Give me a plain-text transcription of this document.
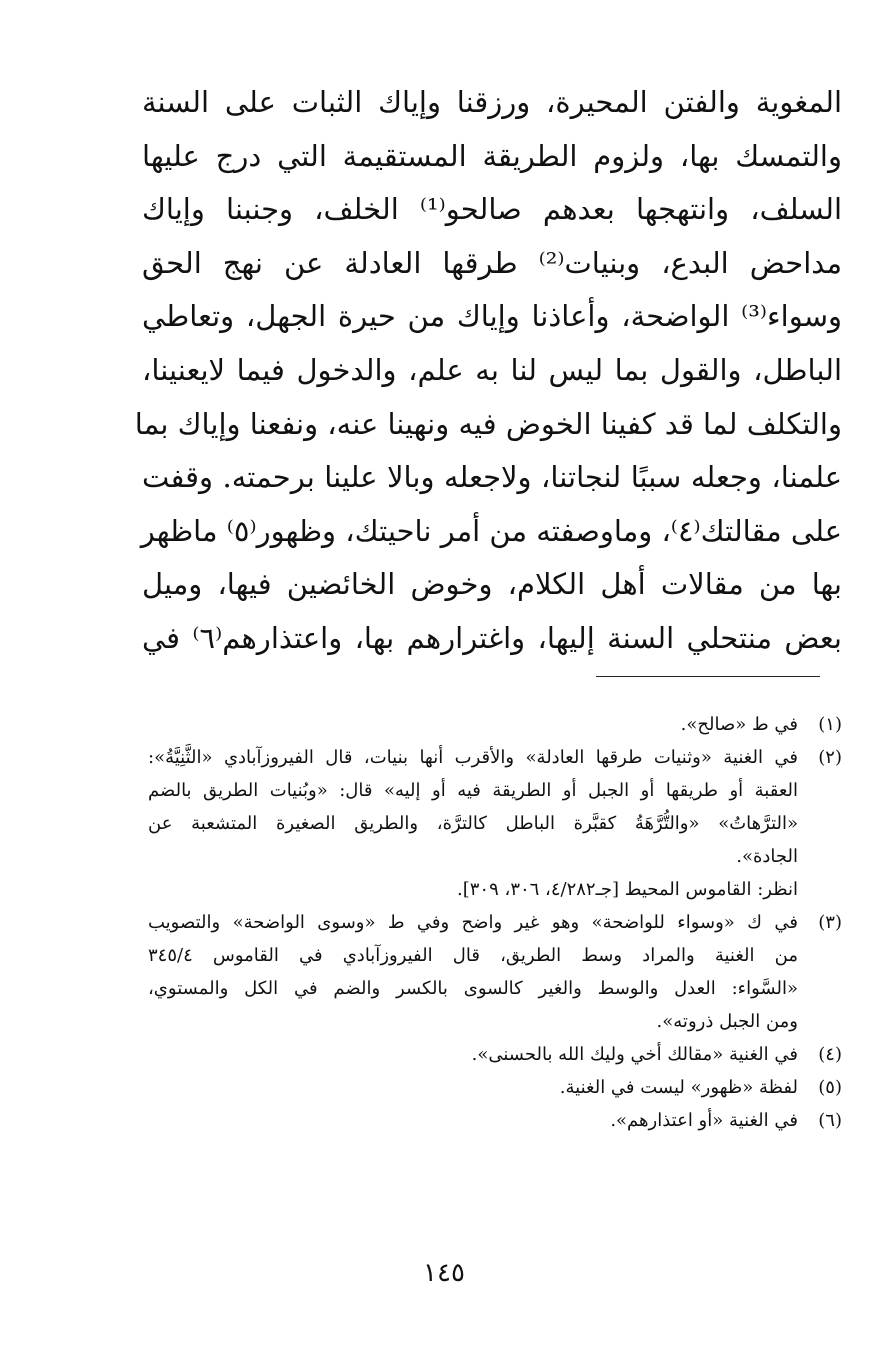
المغوية والفتن المحيرة، ورزقنا وإياك الثبات على السنة
والتمسك بها، ولزوم الطريقة المستقيمة التي درج عليها
السلف، وانتهجها بعدهم صالحو⁽¹⁾ الخلف، وجنبنا وإياك
مداحض البدع، وبنيات⁽²⁾ طرقها العادلة عن نهج الحق
وسواء⁽³⁾ الواضحة، وأعاذنا وإياك من حيرة الجهل، وتعاطي
الباطل، والقول بما ليس لنا به علم، والدخول فيما لايعنينا،
والتكلف لما قد كفينا الخوض فيه ونهينا عنه، ونفعنا وإياك بما
علمنا، وجعله سببًا لنجاتنا، ولاجعله وبالا علينا برحمته. وقفت
على مقالتك⁽٤⁾، وماوصفته من أمر ناحيتك، وظهور⁽٥⁾ ماظهر
بها من مقالات أهل الكلام، وخوض الخائضين فيها، وميل
بعض منتحلي السنة إليها، واغترارهم بها، واعتذارهم⁽٦⁾ في
(١)
في ط «صالح».
(٢)
في الغنية «وثنيات طرقها العادلة» والأقرب أنها بنيات، قال الفيروزآبادي «الثَّنِيَّةُ»:
العقبة أو طريقها أو الجبل أو الطريقة فيه أو إليه» قال: «وبُنيات الطريق بالضم
«الترَّهاتُ» «والتُّرَّهَةُ كقبَّرة الباطل كالترَّة، والطريق الصغيرة المتشعبة عن
الجادة».
انظر: القاموس المحيط [جـ٤/٢٨٢، ٣٠٦، ٣٠٩].
(٣)
في ك «وسواء للواضحة» وهو غير واضح وفي ط «وسوى الواضحة» والتصويب
من الغنية والمراد وسط الطريق، قال الفيروزآبادي في القاموس ٣٤٥/٤
«السَّواء: العدل والوسط والغير كالسوى بالكسر والضم في الكل والمستوي،
ومن الجبل ذروته».
(٤)
في الغنية «مقالك أخي وليك الله بالحسنى».
(٥)
لفظة «ظهور» ليست في الغنية.
(٦)
في الغنية «أو اعتذارهم».
١٤٥
